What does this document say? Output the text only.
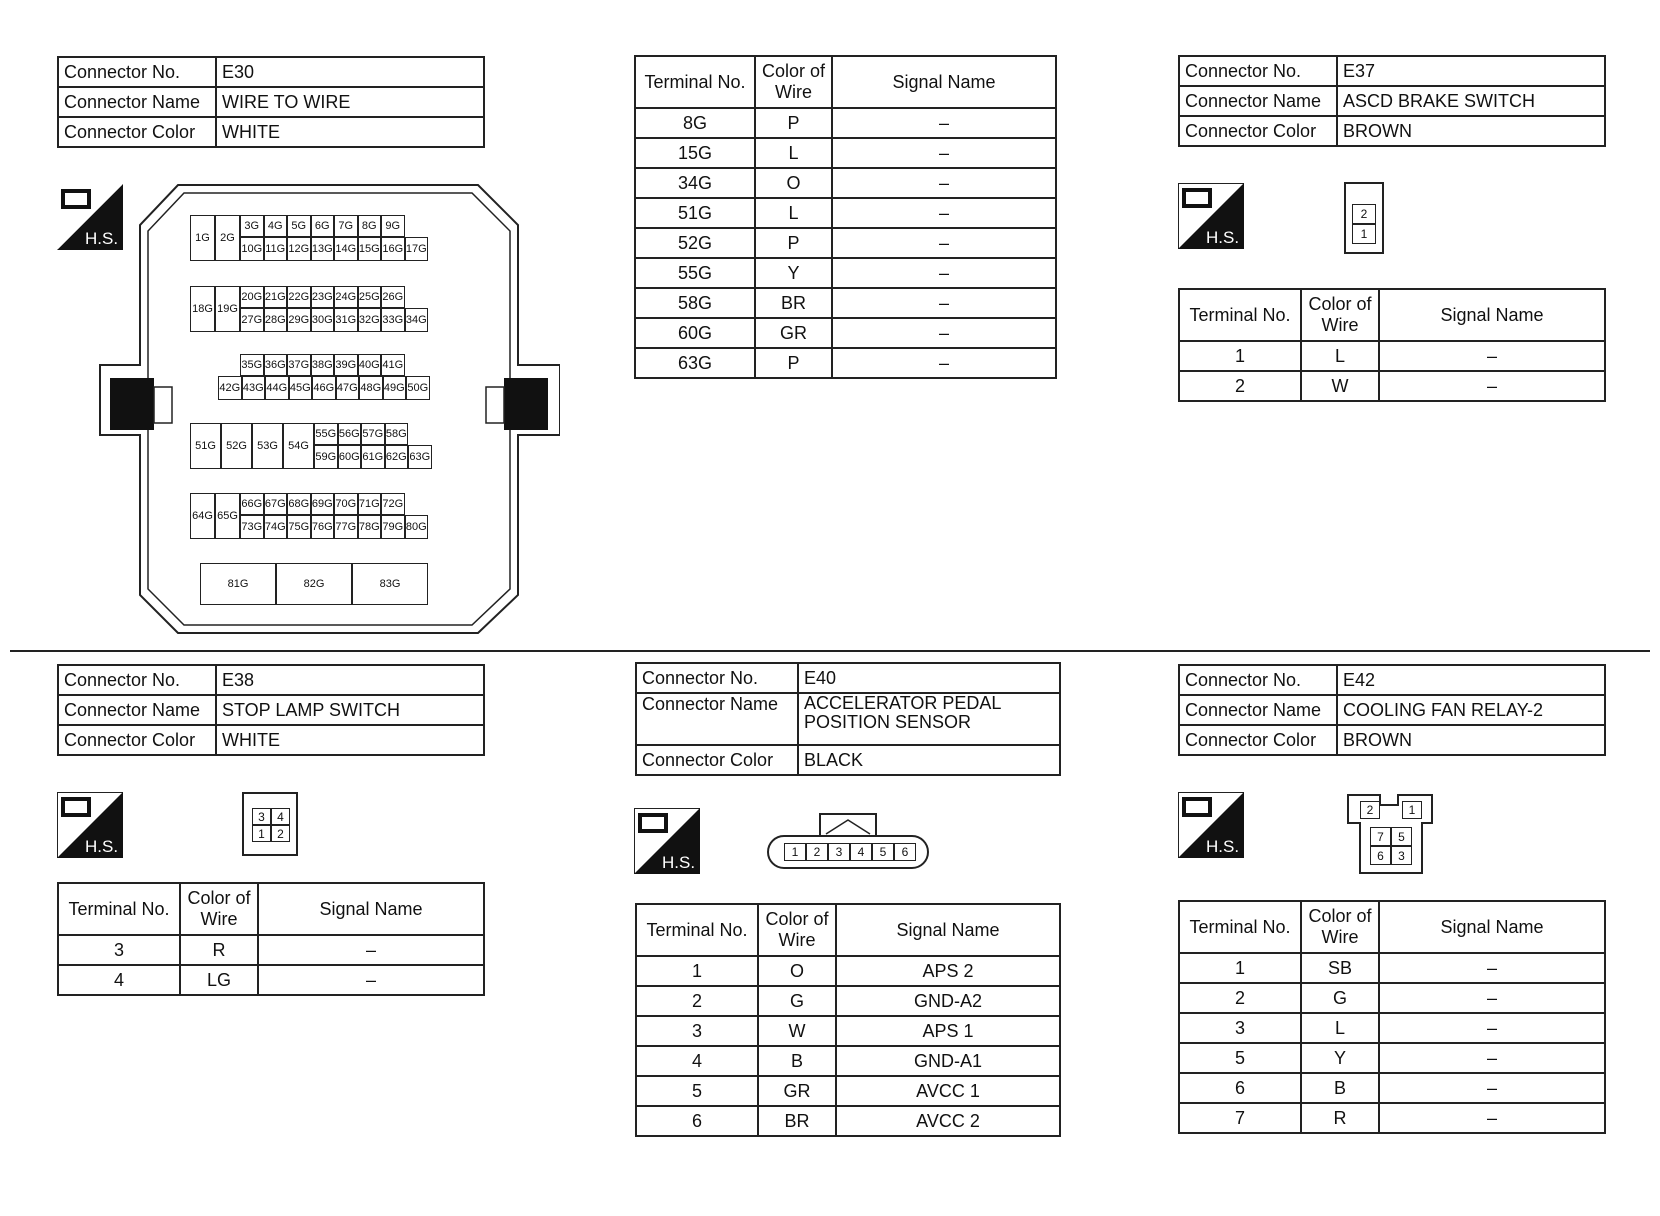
Connector No.	E30
Connector Name	WIRE TO WIRE
Connector Color	WHITE
H.S.	1G 2G
3G 4G 5G 6G 7G 8G 9G
10G 11G 12G 13G 14G 15G 16G 17G
18G 19G
20G 21G 22G 23G 24G 25G 26G
27G 28G 29G 30G 31G 32G 33G 34G
35G 36G 37G 38G 39G 40G 41G
42G 43G 44G 45G 46G 47G 48G 49G 50G
51G 52G 53G 54G
55G 56G 57G 58G
59G 60G 61G 62G 63G
64G 65G
66G 67G 68G 69G 70G 71G 72G
73G 74G 75G 76G 77G 78G 79G 80G
81G	82G	83G
Terminal No.	Color of Wire	Signal Name
8G	P	–
15G	L	–
34G	O	–
51G	L	–
52G	P	–
55G	Y	–
58G	BR	–
60G	GR	–
63G	P	–
Connector No.	E37
Connector Name	ASCD BRAKE SWITCH
Connector Color	BROWN
H.S.
2
1
Terminal No.	Color of Wire	Signal Name
1	L	–
2	W	–
Connector No.	E38
Connector Name	STOP LAMP SWITCH
Connector Color	WHITE
H.S.
3	4
1	2
Terminal No.	Color of Wire	Signal Name
3	R	–
4	LG	–
Connector No.	E40
Connector Name	ACCELERATOR PEDAL
POSITION SENSOR
Connector Color	BLACK
H.S.
1	2	3	4	5	6
Terminal No.	Color of Wire	Signal Name
1	O	APS 2
2	G	GND-A2
3	W	APS 1
4	B	GND-A1
5	GR	AVCC 1
6	BR	AVCC 2
Connector No.	E42
Connector Name	COOLING FAN RELAY-2
Connector Color	BROWN
H.S.
2	1
7	5
6	3
Terminal No.	Color of Wire	Signal Name
1	SB	–
2	G	–
3	L	–
5	Y	–
6	B	–
7	R	–
